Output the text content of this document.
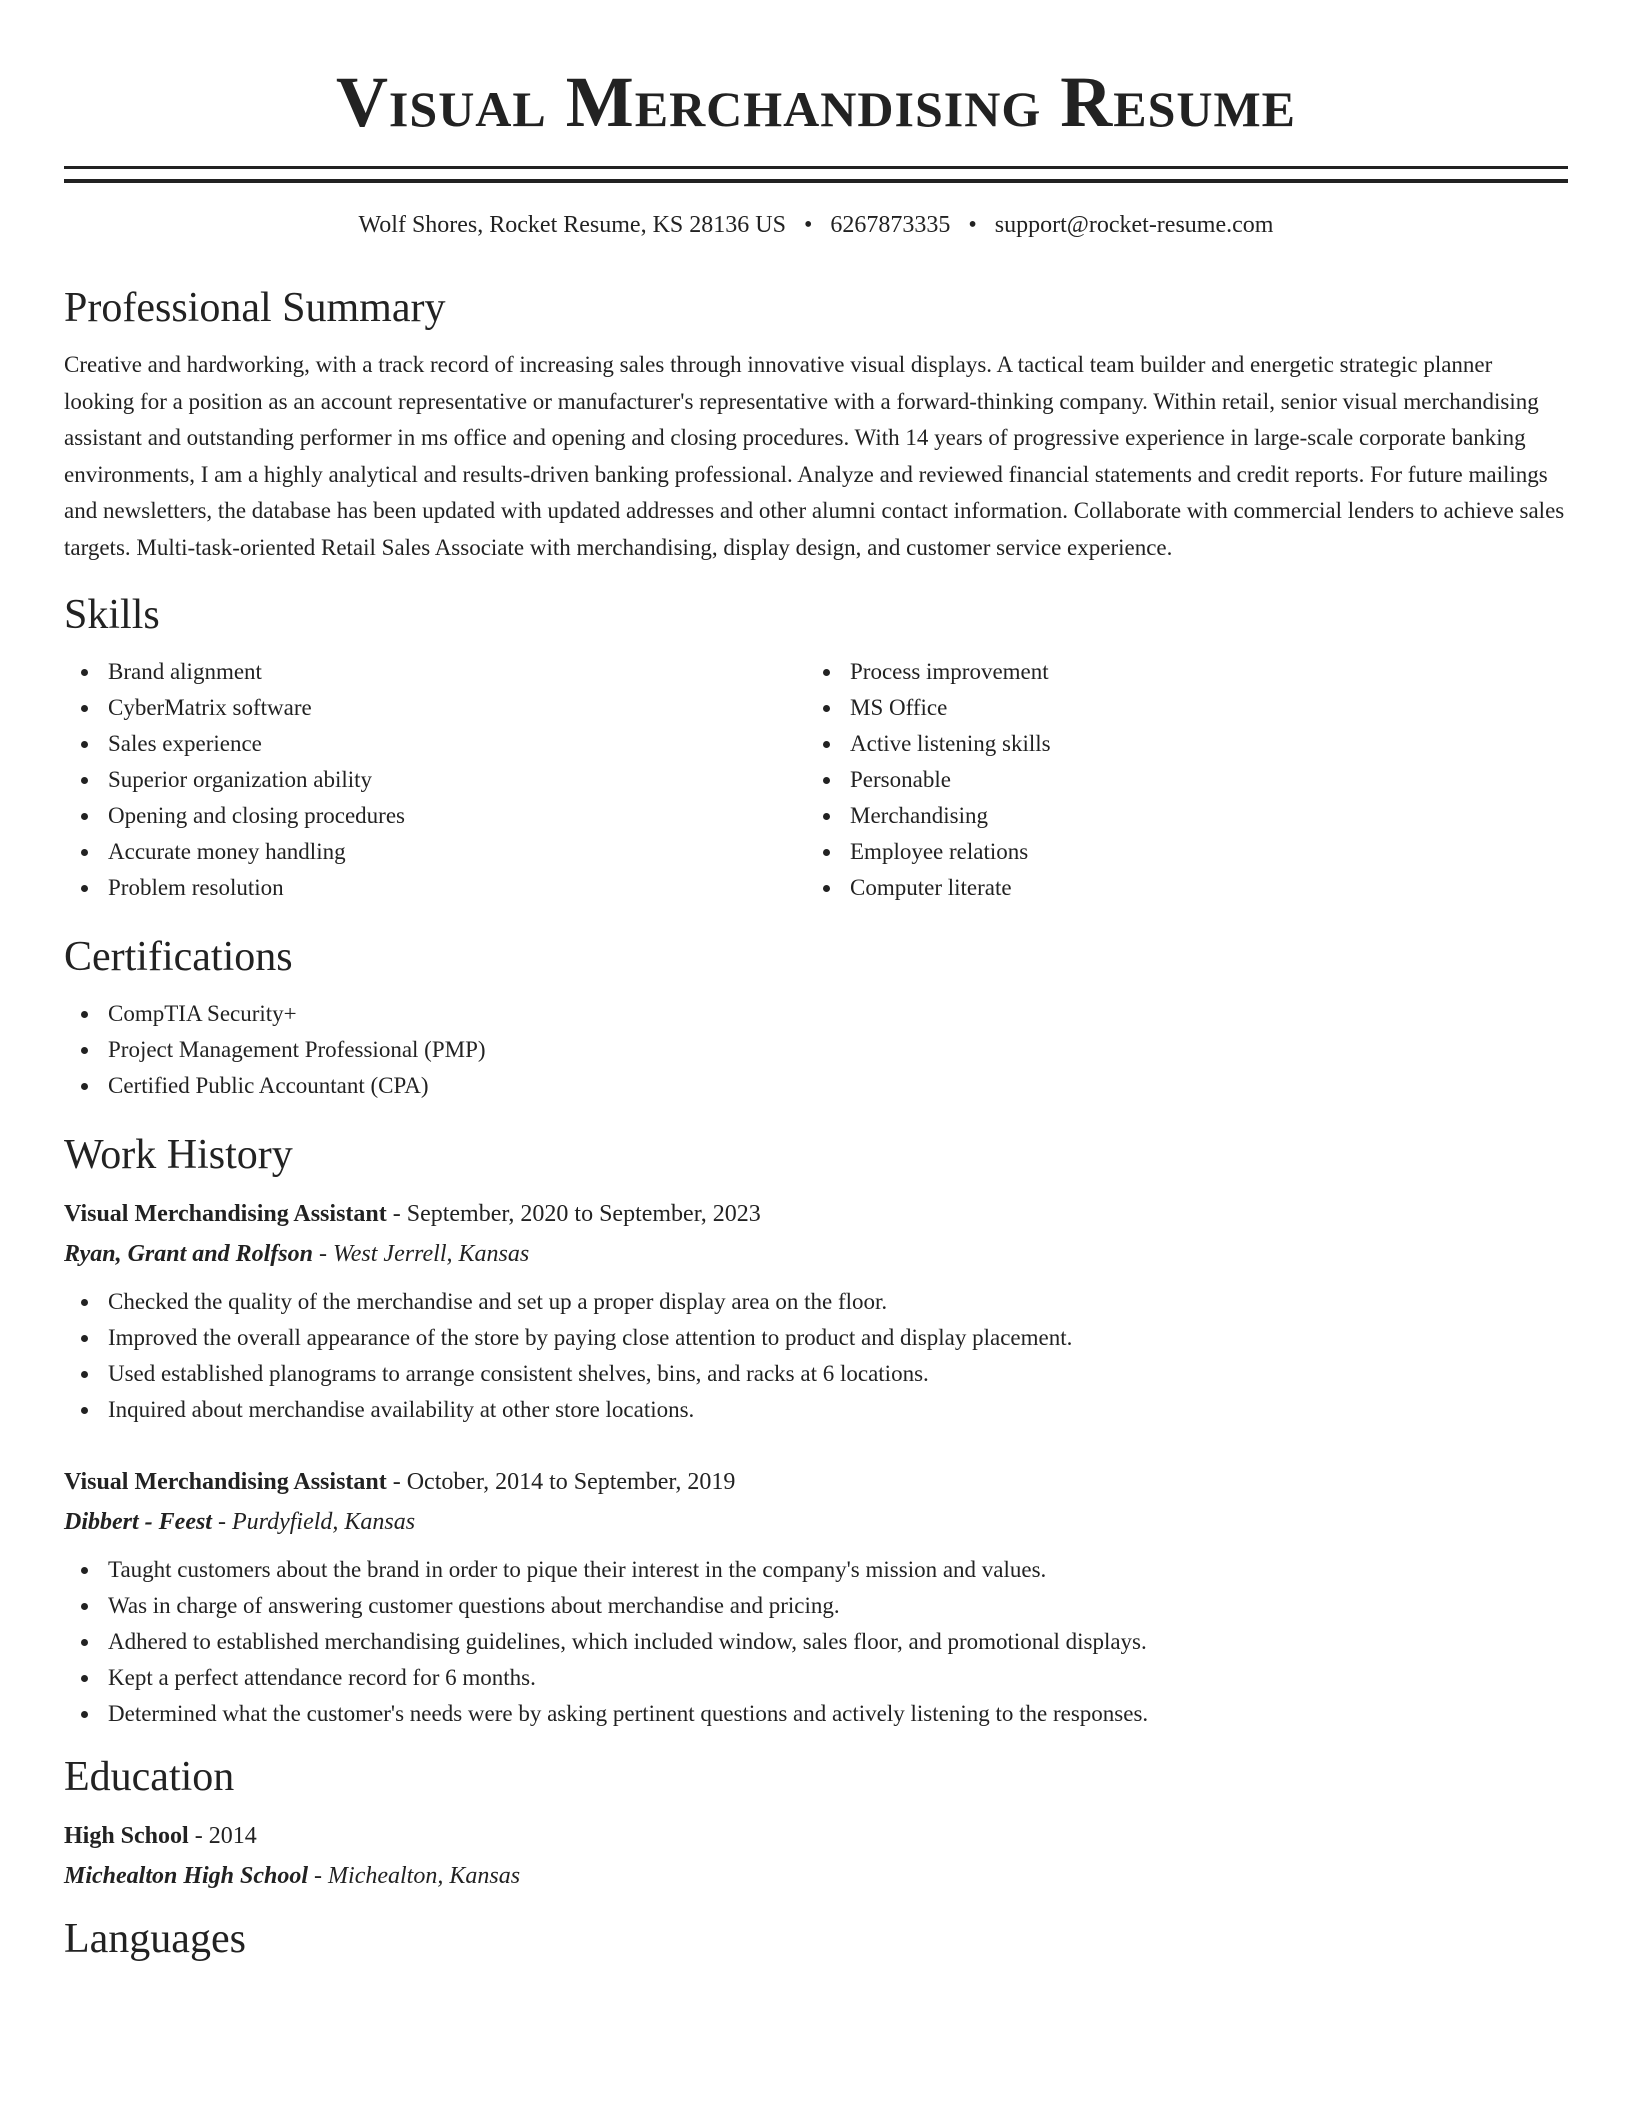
Visual Merchandising Resume
Wolf Shores, Rocket Resume, KS 28136 US • 6267873335 • support@rocket-resume.com
Professional Summary
Creative and hardworking, with a track record of increasing sales through innovative visual displays. A tactical team builder and energetic strategic planner looking for a position as an account representative or manufacturer's representative with a forward-thinking company. Within retail, senior visual merchandising assistant and outstanding performer in ms office and opening and closing procedures. With 14 years of progressive experience in large-scale corporate banking environments, I am a highly analytical and results-driven banking professional. Analyze and reviewed financial statements and credit reports. For future mailings and newsletters, the database has been updated with updated addresses and other alumni contact information. Collaborate with commercial lenders to achieve sales targets. Multi-task-oriented Retail Sales Associate with merchandising, display design, and customer service experience.
Skills
Brand alignment
CyberMatrix software
Sales experience
Superior organization ability
Opening and closing procedures
Accurate money handling
Problem resolution
Process improvement
MS Office
Active listening skills
Personable
Merchandising
Employee relations
Computer literate
Certifications
CompTIA Security+
Project Management Professional (PMP)
Certified Public Accountant (CPA)
Work History
Visual Merchandising Assistant - September, 2020 to September, 2023
Ryan, Grant and Rolfson - West Jerrell, Kansas
Checked the quality of the merchandise and set up a proper display area on the floor.
Improved the overall appearance of the store by paying close attention to product and display placement.
Used established planograms to arrange consistent shelves, bins, and racks at 6 locations.
Inquired about merchandise availability at other store locations.
Visual Merchandising Assistant - October, 2014 to September, 2019
Dibbert - Feest - Purdyfield, Kansas
Taught customers about the brand in order to pique their interest in the company's mission and values.
Was in charge of answering customer questions about merchandise and pricing.
Adhered to established merchandising guidelines, which included window, sales floor, and promotional displays.
Kept a perfect attendance record for 6 months.
Determined what the customer's needs were by asking pertinent questions and actively listening to the responses.
Education
High School - 2014
Michealton High School - Michealton, Kansas
Languages
